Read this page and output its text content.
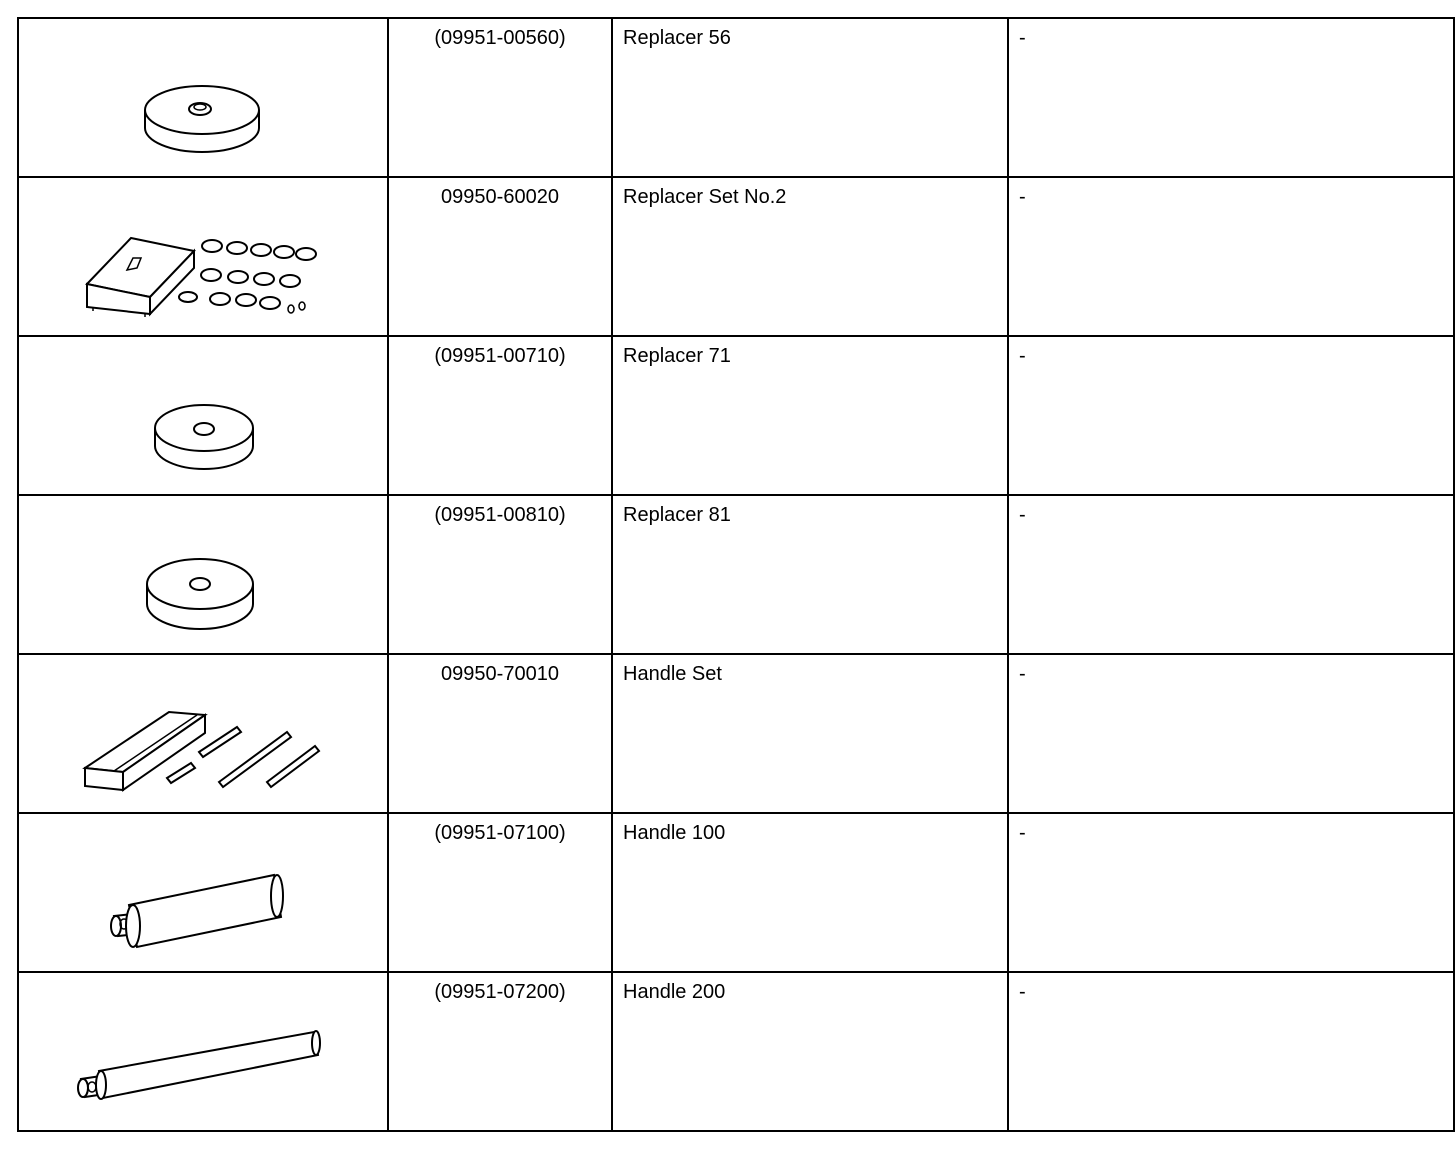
	(09951-00560)	Replacer 56	-

	09950-60020	Replacer Set No.2	-

	(09951-00710)	Replacer 71	-

	(09951-00810)	Replacer 81	-

	09950-70010	Handle Set	-

	(09951-07100)	Handle 100	-

	(09951-07200)	Handle 200	-
